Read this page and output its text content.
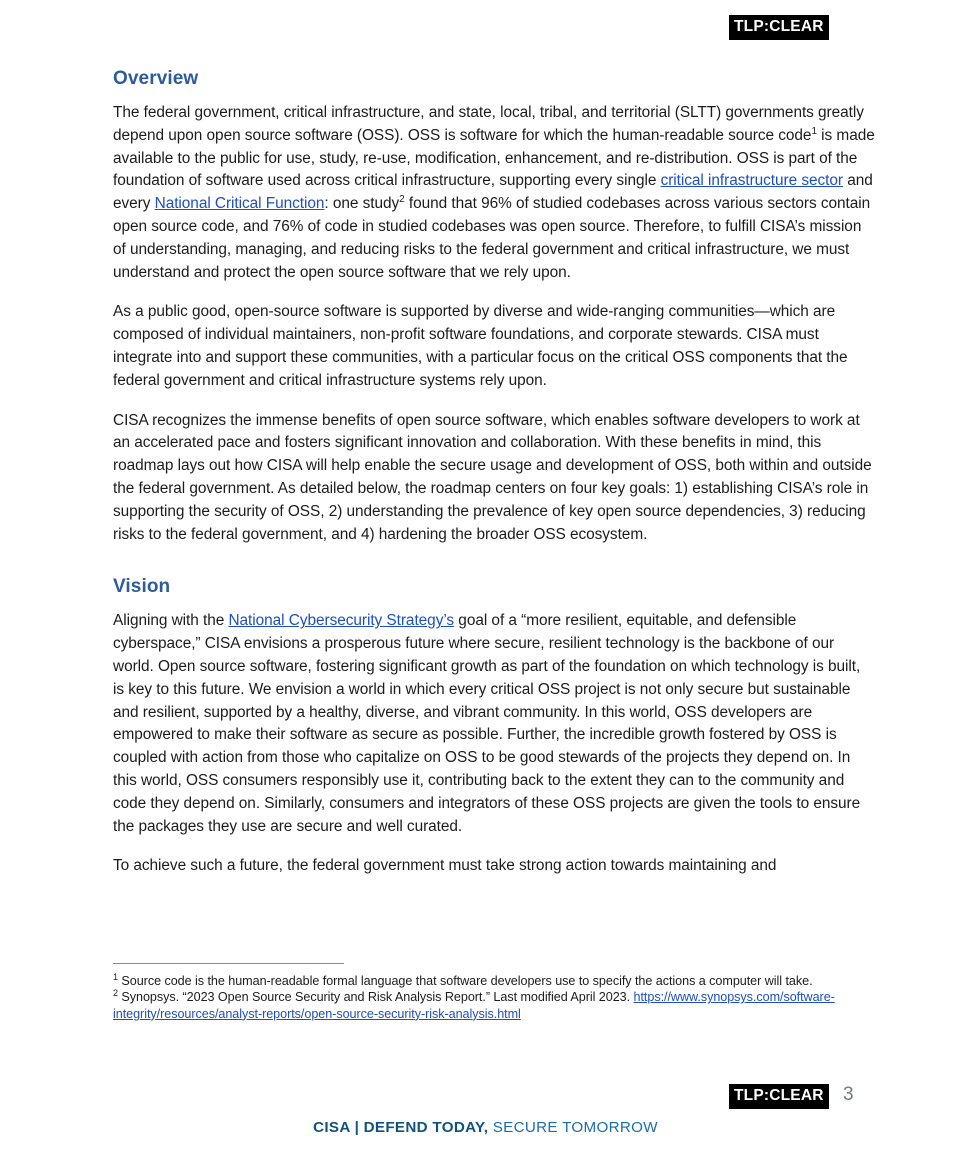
TLP:CLEAR
Overview

The federal government, critical infrastructure, and state, local, tribal, and territorial (SLTT) governments greatly depend upon open source software (OSS). OSS is software for which the human-readable source code$^1$ is made available to the public for use, study, re-use, modification, enhancement, and re-distribution. OSS is part of the foundation of software used across critical infrastructure, supporting every single critical infrastructure sector and every National Critical Function: one study$^2$ found that 96% of studied codebases across various sectors contain open source code, and 76% of code in studied codebases was open source. Therefore, to fulfill CISA’s mission of understanding, managing, and reducing risks to the federal government and critical infrastructure, we must understand and protect the open source software that we rely upon.

As a public good, open-source software is supported by diverse and wide-ranging communities—which are composed of individual maintainers, non-profit software foundations, and corporate stewards. CISA must integrate into and support these communities, with a particular focus on the critical OSS components that the federal government and critical infrastructure systems rely upon.

CISA recognizes the immense benefits of open source software, which enables software developers to work at an accelerated pace and fosters significant innovation and collaboration. With these benefits in mind, this roadmap lays out how CISA will help enable the secure usage and development of OSS, both within and outside the federal government. As detailed below, the roadmap centers on four key goals: 1) establishing CISA’s role in supporting the security of OSS, 2) understanding the prevalence of key open source dependencies, 3) reducing risks to the federal government, and 4) hardening the broader OSS ecosystem.

Vision

Aligning with the National Cybersecurity Strategy’s goal of a “more resilient, equitable, and defensible cyberspace,” CISA envisions a prosperous future where secure, resilient technology is the backbone of our world. Open source software, fostering significant growth as part of the foundation on which technology is built, is key to this future. We envision a world in which every critical OSS project is not only secure but sustainable and resilient, supported by a healthy, diverse, and vibrant community. In this world, OSS developers are empowered to make their software as secure as possible. Further, the incredible growth fostered by OSS is coupled with action from those who capitalize on OSS to be good stewards of the projects they depend on. In this world, OSS consumers responsibly use it, contributing back to the extent they can to the community and code they depend on. Similarly, consumers and integrators of these OSS projects are given the tools to ensure the packages they use are secure and well curated.

To achieve such a future, the federal government must take strong action towards maintaining and

$^1$ Source code is the human-readable formal language that software developers use to specify the actions a computer will take.

$^2$ Synopsys. “2023 Open Source Security and Risk Analysis Report.” Last modified April 2023. https://www.synopsys.com/software-integrity/resources/analyst-reports/open-source-security-risk-analysis.html

TLP:CLEAR 3
CISA | DEFEND TODAY, SECURE TOMORROW
